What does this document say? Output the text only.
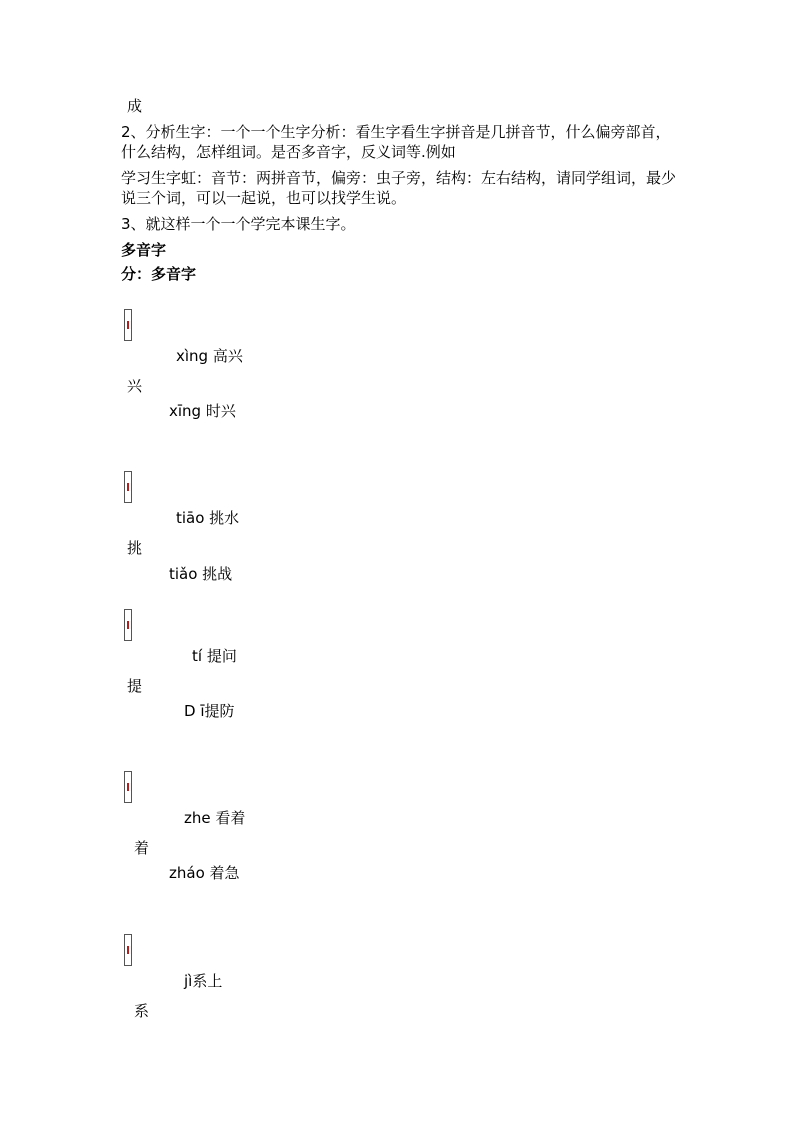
成
2、分析生字：一个一个生字分析：看生字看生字拼音是几拼音节，什么偏旁部首，什么结构，怎样组词。是否多音字，反义词等.例如
学习生字虹：音节：两拼音节，偏旁：虫子旁，结构：左右结构，请同学组词，最少说三个词，可以一起说，也可以找学生说。
3、就这样一个一个学完本课生字。
多音字
分：多音字
xìng 高兴
兴
xīng 时兴
tiāo 挑水
挑
tiǎo 挑战
tí 提问
提
D ī提防
zhe 看着
着
zháo 着急
jì系上
系
